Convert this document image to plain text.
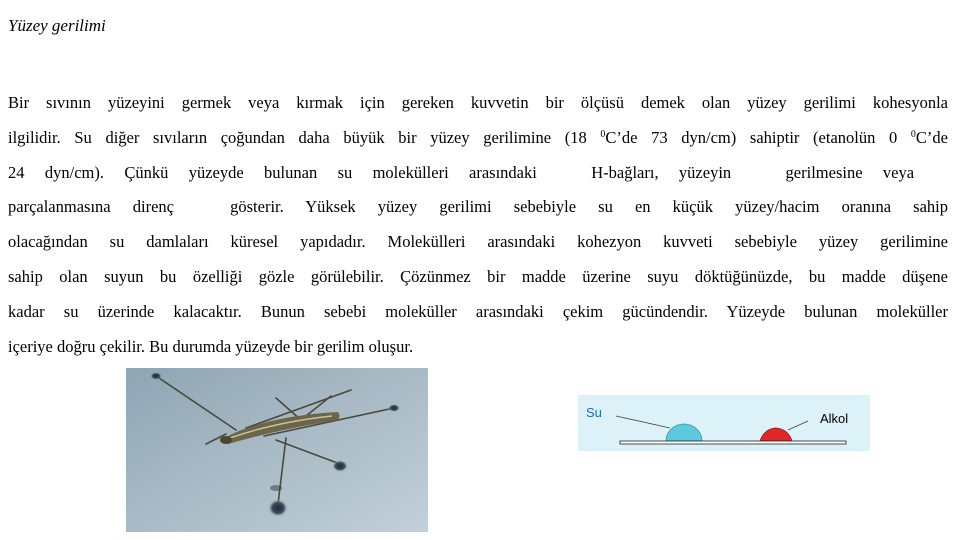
Yüzey gerilimi
Bir sıvının yüzeyini germek veya kırmak için gereken kuvvetin bir ölçüsü demek olan yüzey gerilimi kohesyonla
ilgilidir. Su diğer sıvıların çoğundan daha büyük bir yüzey gerilimine (18 $^0$C’de 73 dyn/cm) sahiptir (etanolün 0 $^0$C’de
24 dyn/cm). Çünkü yüzeyde bulunan su molekülleri arasındaki	H-bağları, yüzeyin	gerilmesine veya
parçalanmasına direnç	gösterir. Yüksek yüzey gerilimi sebebiyle su en küçük yüzey/hacim oranına sahip
olacağından su damlaları küresel yapıdadır. Molekülleri arasındaki kohezyon kuvveti sebebiyle yüzey gerilimine
sahip olan suyun bu özelliği gözle görülebilir. Çözünmez bir madde üzerine suyu döktüğünüzde, bu madde düşene
kadar su üzerinde kalacaktır. Bunun sebebi moleküller arasındaki çekim gücündendir. Yüzeyde bulunan moleküller
içeriye doğru çekilir. Bu durumda yüzeyde bir gerilim oluşur.
Su	Alkol
